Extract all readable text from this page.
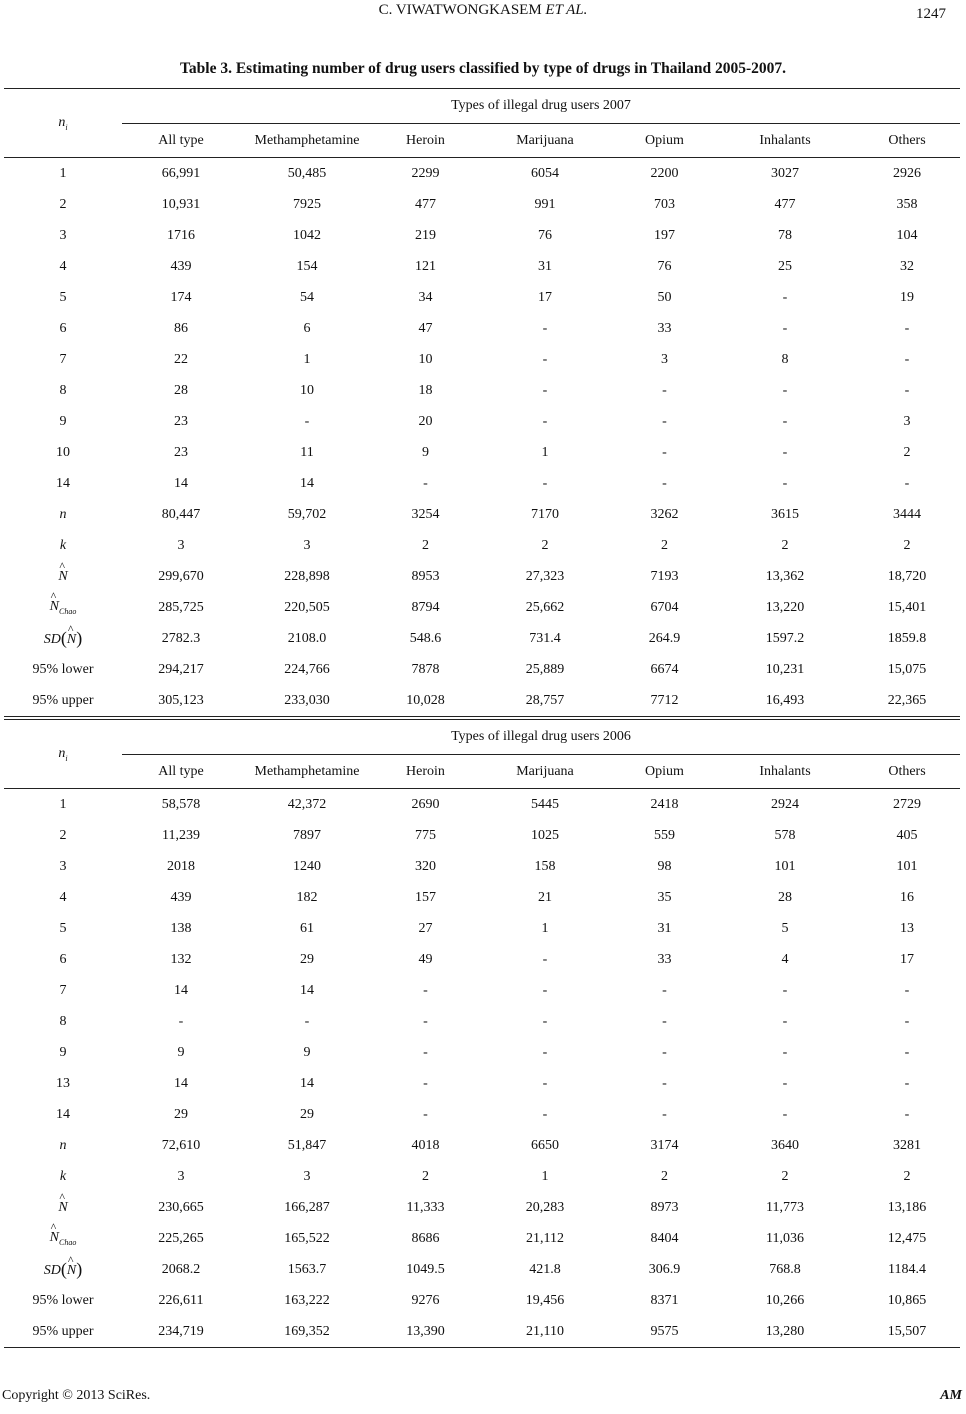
C. VIWATWONGKASEM ET AL.	1247
Table 3. Estimating number of drug users classified by type of drugs in Thailand 2005-2007.
$n_i$	Types of illegal drug users 2007						
	All type	Methamphetamine	Heroin	Marijuana	Opium	Inhalants	Others
1	66,991	50,485	2299	6054	2200	3027	2926
2	10,931	7925	477	991	703	477	358
3	1716	1042	219	76	197	78	104
4	439	154	121	31	76	25	32
5	174	54	34	17	50	-	19
6	86	6	47	-	33	-	-
7	22	1	10	-	3	8	-
8	28	10	18	-	-	-	-
9	23	-	20	-	-	-	3
10	23	11	9	1	-	-	2
14	14	14	-	-	-	-	-
n	80,447	59,702	3254	7170	3262	3615	3444
k	3	3	2	2	2	2	2

^
N	299,670	228,898	8953	27,323	7193	13,362	18,720

^
$N_{Chao}$	285,725	220,505	8794	25,662	6704	13,220	15,401
SD( ^
N)	2782.3	2108.0	548.6	731.4	264.9	1597.2	1859.8
95% lower	294,217	224,766	7878	25,889	6674	10,231	15,075
95% upper	305,123	233,030	10,028	28,757	7712	16,493	22,365
$n_i$	Types of illegal drug users 2006						
	All type	Methamphetamine	Heroin	Marijuana	Opium	Inhalants	Others
1	58,578	42,372	2690	5445	2418	2924	2729
2	11,239	7897	775	1025	559	578	405
3	2018	1240	320	158	98	101	101
4	439	182	157	21	35	28	16
5	138	61	27	1	31	5	13
6	132	29	49	-	33	4	17
7	14	14	-	-	-	-	-
8	-	-	-	-	-	-	-
9	9	9	-	-	-	-	-
13	14	14	-	-	-	-	-
14	29	29	-	-	-	-	-
n	72,610	51,847	4018	6650	3174	3640	3281
k	3	3	2	1	2	2	2

^
N	230,665	166,287	11,333	20,283	8973	11,773	13,186

^
$N_{Chao}$	225,265	165,522	8686	21,112	8404	11,036	12,475
SD( ^
N)	2068.2	1563.7	1049.5	421.8	306.9	768.8	1184.4
95% lower	226,611	163,222	9276	19,456	8371	10,266	10,865
95% upper	234,719	169,352	13,390	21,110	9575	13,280	15,507
Copyright © 2013 SciRes.	AM
